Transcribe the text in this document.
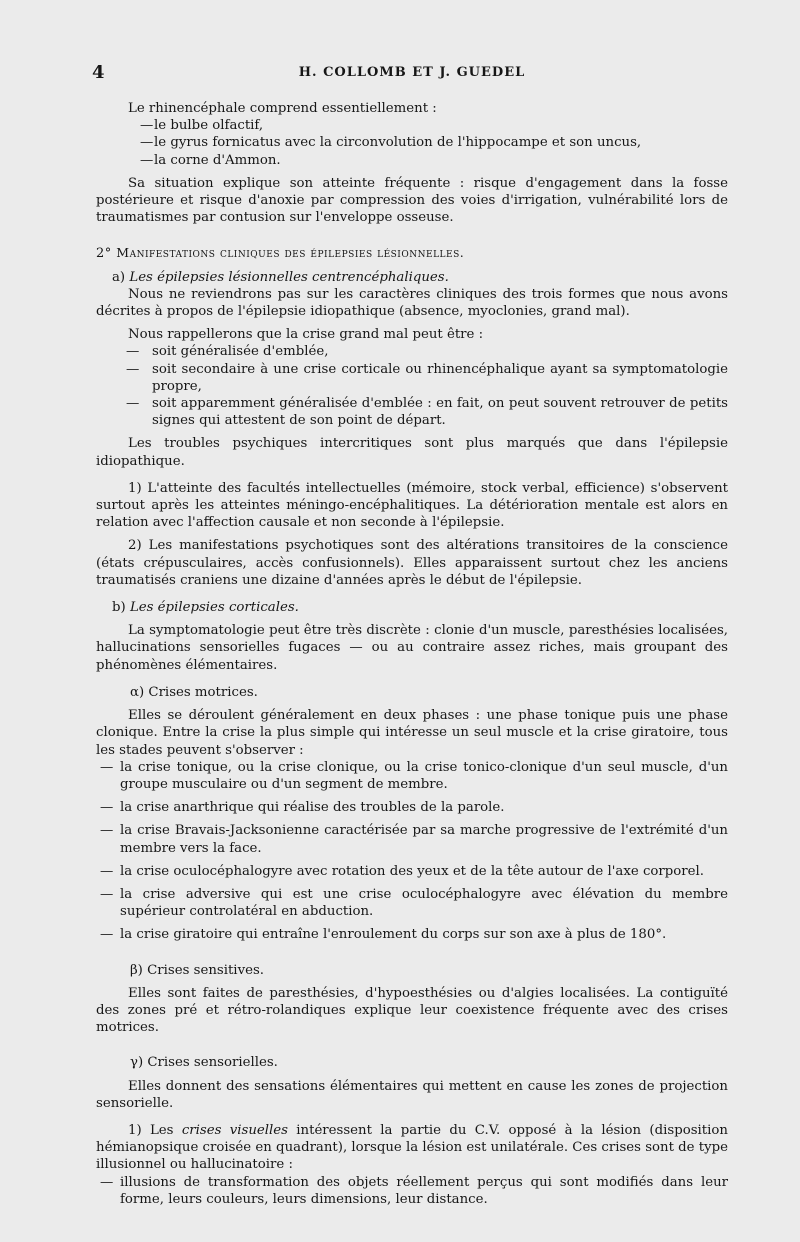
4	H. COLLOMB ET J. GUEDEL

Le rhinencéphale comprend essentiellement :

— le bulbe olfactif,

— le gyrus fornicatus avec la circonvolution de l'hippocampe et son uncus,

— la corne d'Ammon.

Sa situation explique son atteinte fréquente : risque d'engagement dans la fosse postérieure et risque d'anoxie par compression des voies d'irrigation, vulnérabilité lors de traumatismes par contusion sur l'enveloppe osseuse.

2° Manifestations cliniques des épilepsies lésionnelles.

a) Les épilepsies lésionnelles centrencéphaliques.

Nous ne reviendrons pas sur les caractères cliniques des trois formes que nous avons décrites à propos de l'épilepsie idiopathique (absence, myoclonies, grand mal).

Nous rappellerons que la crise grand mal peut être :

— soit généralisée d'emblée,

— soit secondaire à une crise corticale ou rhinencéphalique ayant sa symptomatologie propre,

— soit apparemment généralisée d'emblée : en fait, on peut souvent retrouver de petits signes qui attestent de son point de départ.

Les troubles psychiques intercritiques sont plus marqués que dans l'épilepsie idiopathique.

1) L'atteinte des facultés intellectuelles (mémoire, stock verbal, efficience) s'observent surtout après les atteintes méningo-encéphalitiques. La détérioration mentale est alors en relation avec l'affection causale et non seconde à l'épilepsie.

2) Les manifestations psychotiques sont des altérations transitoires de la conscience (états crépusculaires, accès confusionnels). Elles apparaissent surtout chez les anciens traumatisés craniens une dizaine d'années après le début de l'épilepsie.

b) Les épilepsies corticales.

La symptomatologie peut être très discrète : clonie d'un muscle, paresthésies localisées, hallucinations sensorielles fugaces — ou au contraire assez riches, mais groupant des phénomènes élémentaires.

α) Crises motrices.

Elles se déroulent généralement en deux phases : une phase tonique puis une phase clonique. Entre la crise la plus simple qui intéresse un seul muscle et la crise giratoire, tous les stades peuvent s'observer :

— la crise tonique, ou la crise clonique, ou la crise tonico-clonique d'un seul muscle, d'un groupe musculaire ou d'un segment de membre.

— la crise anarthrique qui réalise des troubles de la parole.

— la crise Bravais-Jacksonienne caractérisée par sa marche progressive de l'extrémité d'un membre vers la face.

— la crise oculocéphalogyre avec rotation des yeux et de la tête autour de l'axe corporel.

— la crise adversive qui est une crise oculocéphalogyre avec élévation du membre supérieur controlatéral en abduction.

— la crise giratoire qui entraîne l'enroulement du corps sur son axe à plus de 180°.

β) Crises sensitives.

Elles sont faites de paresthésies, d'hypoesthésies ou d'algies localisées. La contiguïté des zones pré et rétro-rolandiques explique leur coexistence fréquente avec des crises motrices.

γ) Crises sensorielles.

Elles donnent des sensations élémentaires qui mettent en cause les zones de projection sensorielle.

1) Les crises visuelles intéressent la partie du C.V. opposé à la lésion (disposition hémianopsique croisée en quadrant), lorsque la lésion est unilatérale. Ces crises sont de type illusionnel ou hallucinatoire :

— illusions de transformation des objets réellement perçus qui sont modifiés dans leur forme, leurs couleurs, leurs dimensions, leur distance.
